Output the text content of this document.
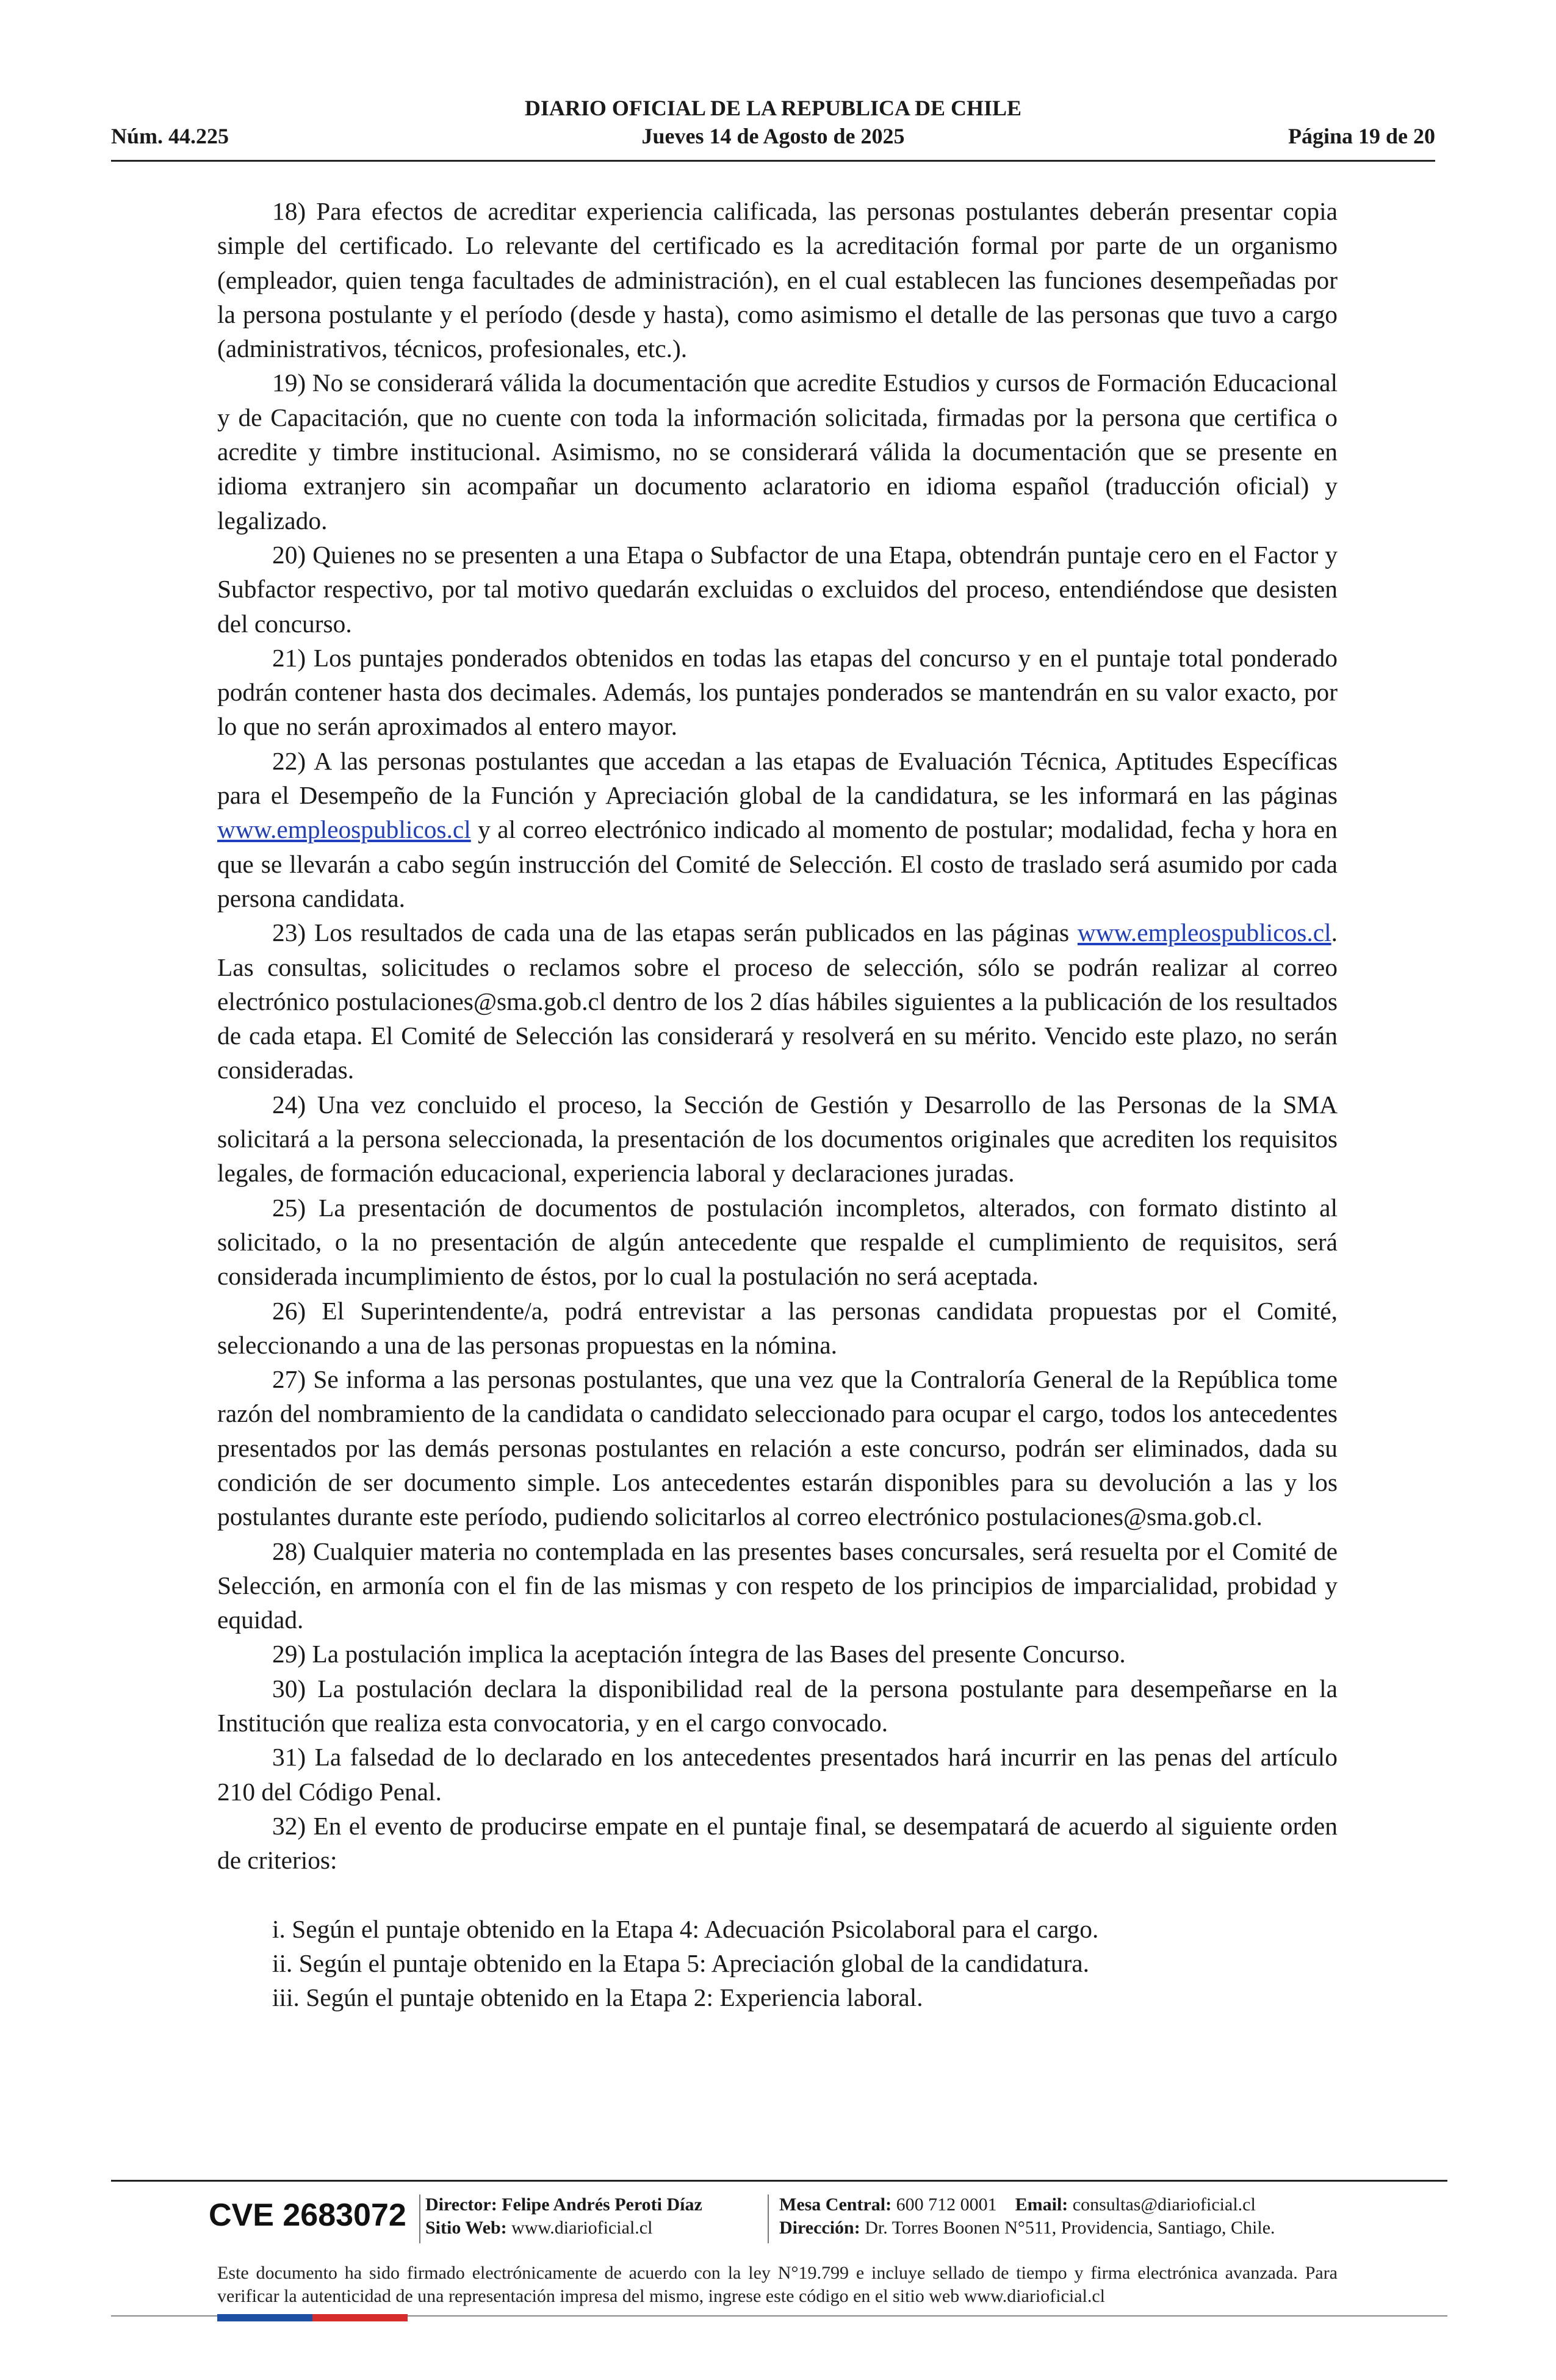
DIARIO OFICIAL DE LA REPUBLICA DE CHILE
Núm. 44.225	Jueves 14 de Agosto de 2025	Página 19 de 20

18) Para efectos de acreditar experiencia calificada, las personas postulantes deberán presentar copia simple del certificado. Lo relevante del certificado es la acreditación formal por parte de un organismo (empleador, quien tenga facultades de administración), en el cual establecen las funciones desempeñadas por la persona postulante y el período (desde y hasta), como asimismo el detalle de las personas que tuvo a cargo (administrativos, técnicos, profesionales, etc.).

19) No se considerará válida la documentación que acredite Estudios y cursos de Formación Educacional y de Capacitación, que no cuente con toda la información solicitada, firmadas por la persona que certifica o acredite y timbre institucional. Asimismo, no se considerará válida la documentación que se presente en idioma extranjero sin acompañar un documento aclaratorio en idioma español (traducción oficial) y legalizado.

20) Quienes no se presenten a una Etapa o Subfactor de una Etapa, obtendrán puntaje cero en el Factor y Subfactor respectivo, por tal motivo quedarán excluidas o excluidos del proceso, entendiéndose que desisten del concurso.

21) Los puntajes ponderados obtenidos en todas las etapas del concurso y en el puntaje total ponderado podrán contener hasta dos decimales. Además, los puntajes ponderados se mantendrán en su valor exacto, por lo que no serán aproximados al entero mayor.

22) A las personas postulantes que accedan a las etapas de Evaluación Técnica, Aptitudes Específicas para el Desempeño de la Función y Apreciación global de la candidatura, se les informará en las páginas www.empleospublicos.cl y al correo electrónico indicado al momento de postular; modalidad, fecha y hora en que se llevarán a cabo según instrucción del Comité de Selección. El costo de traslado será asumido por cada persona candidata.

23) Los resultados de cada una de las etapas serán publicados en las páginas www.empleospublicos.cl. Las consultas, solicitudes o reclamos sobre el proceso de selección, sólo se podrán realizar al correo electrónico postulaciones@sma.gob.cl dentro de los 2 días hábiles siguientes a la publicación de los resultados de cada etapa. El Comité de Selección las considerará y resolverá en su mérito. Vencido este plazo, no serán consideradas.

24) Una vez concluido el proceso, la Sección de Gestión y Desarrollo de las Personas de la SMA solicitará a la persona seleccionada, la presentación de los documentos originales que acrediten los requisitos legales, de formación educacional, experiencia laboral y declaraciones juradas.

25) La presentación de documentos de postulación incompletos, alterados, con formato distinto al solicitado, o la no presentación de algún antecedente que respalde el cumplimiento de requisitos, será considerada incumplimiento de éstos, por lo cual la postulación no será aceptada.

26) El Superintendente/a, podrá entrevistar a las personas candidata propuestas por el Comité, seleccionando a una de las personas propuestas en la nómina.

27) Se informa a las personas postulantes, que una vez que la Contraloría General de la República tome razón del nombramiento de la candidata o candidato seleccionado para ocupar el cargo, todos los antecedentes presentados por las demás personas postulantes en relación a este concurso, podrán ser eliminados, dada su condición de ser documento simple. Los antecedentes estarán disponibles para su devolución a las y los postulantes durante este período, pudiendo solicitarlos al correo electrónico postulaciones@sma.gob.cl.

28) Cualquier materia no contemplada en las presentes bases concursales, será resuelta por el Comité de Selección, en armonía con el fin de las mismas y con respeto de los principios de imparcialidad, probidad y equidad.

29) La postulación implica la aceptación íntegra de las Bases del presente Concurso.

30) La postulación declara la disponibilidad real de la persona postulante para desempeñarse en la Institución que realiza esta convocatoria, y en el cargo convocado.

31) La falsedad de lo declarado en los antecedentes presentados hará incurrir en las penas del artículo 210 del Código Penal.

32) En el evento de producirse empate en el puntaje final, se desempatará de acuerdo al siguiente orden de criterios:

i. Según el puntaje obtenido en la Etapa 4: Adecuación Psicolaboral para el cargo.

ii. Según el puntaje obtenido en la Etapa 5: Apreciación global de la candidatura.

iii. Según el puntaje obtenido en la Etapa 2: Experiencia laboral.

CVE 2683072 Director: Felipe Andrés Peroti Díaz
Sitio Web: www.diarioficial.cl
Mesa Central: 600 712 0001 Email: consultas@diarioficial.cl
Dirección: Dr. Torres Boonen N°511, Providencia, Santiago, Chile.
Este documento ha sido firmado electrónicamente de acuerdo con la ley N°19.799 e incluye sellado de tiempo y firma electrónica avanzada. Para verificar la autenticidad de una representación impresa del mismo, ingrese este código en el sitio web www.diarioficial.cl
